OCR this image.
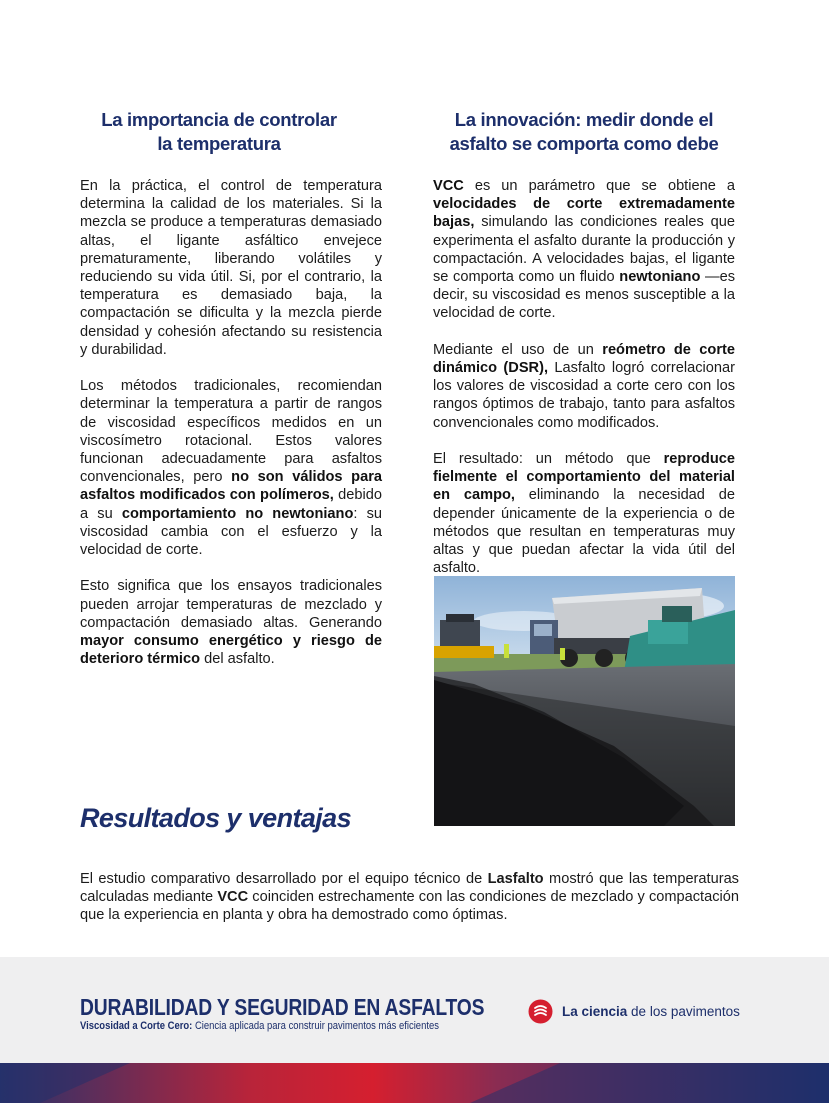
La importancia de controlar
la temperatura
La innovación: medir donde el
asfalto se comporta como debe

En la práctica, el control de temperatura determina la calidad de los materiales. Si la mezcla se produce a temperaturas demasiado altas, el ligante asfáltico envejece prematuramente, liberando volátiles y reduciendo su vida útil. Si, por el contrario, la temperatura es demasiado baja, la compactación se dificulta y la mezcla pierde densidad y cohesión afectando su resistencia y durabilidad.

Los métodos tradicionales, recomiendan determinar la temperatura a partir de rangos de viscosidad específicos medidos en un viscosímetro rotacional. Estos valores funcionan adecuadamente para asfaltos convencionales, pero no son válidos para asfaltos modificados con polímeros, debido a su comportamiento no newtoniano: su viscosidad cambia con el esfuerzo y la velocidad de corte.

Esto significa que los ensayos tradicionales pueden arrojar temperaturas de mezclado y compactación demasiado altas. Generando mayor consumo energético y riesgo de deterioro térmico del asfalto.

VCC es un parámetro que se obtiene a velocidades de corte extremadamente bajas, simulando las condiciones reales que experimenta el asfalto durante la producción y compactación. A velocidades bajas, el ligante se comporta como un fluido newtoniano —es decir, su viscosidad es menos susceptible a la velocidad de corte.

Mediante el uso de un reómetro de corte dinámico (DSR), Lasfalto logró correlacionar los valores de viscosidad a corte cero con los rangos óptimos de trabajo, tanto para asfaltos convencionales como modificados.

El resultado: un método que reproduce fielmente el comportamiento del material en campo, eliminando la necesidad de depender únicamente de la experiencia o de métodos que resultan en temperaturas muy altas y que puedan afectar la vida útil del asfalto.

Resultados y ventajas
El estudio comparativo desarrollado por el equipo técnico de Lasfalto mostró que las temperaturas calculadas mediante VCC coinciden estrechamente con las condiciones de mezclado y compactación que la experiencia en planta y obra ha demostrado como óptimas.
DURABILIDAD Y SEGURIDAD EN ASFALTOS
Viscosidad a Corte Cero: Ciencia aplicada para construir pavimentos más eficientes
La ciencia de los pavimentos
